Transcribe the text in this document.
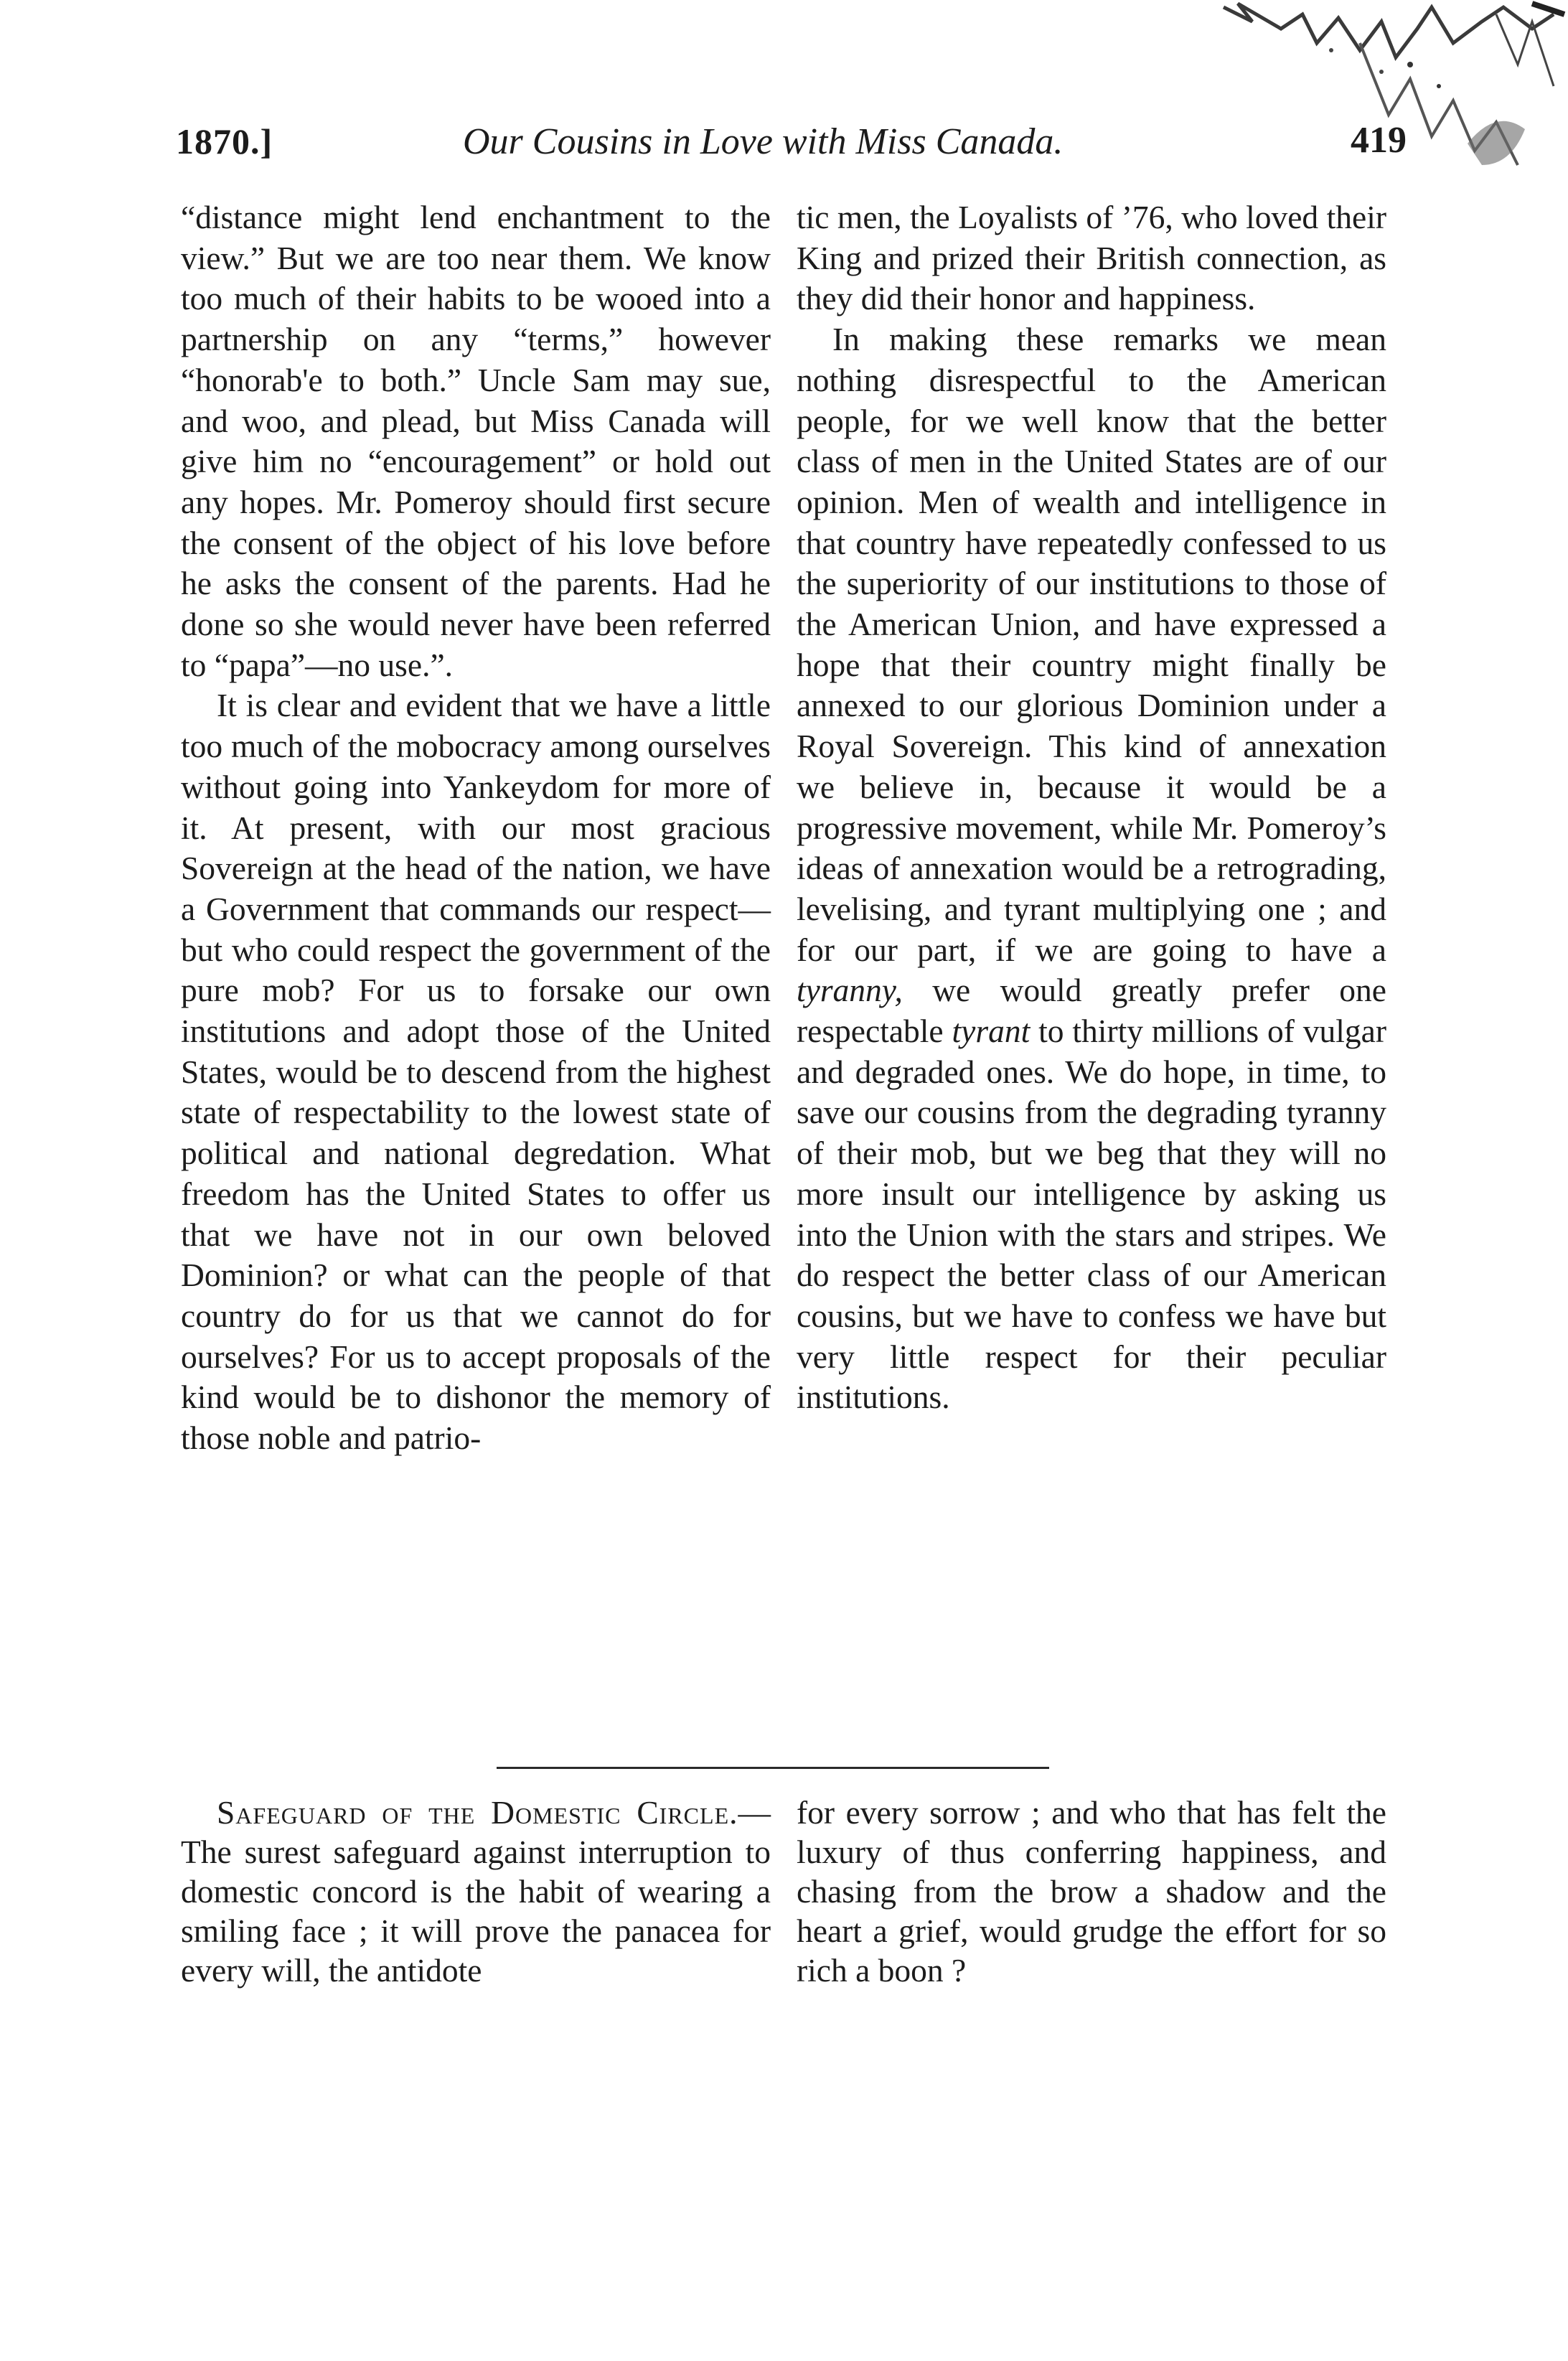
1870.]	Our Cousins in Love with Miss Canada.	419

“distance might lend enchantment to the view.” But we are too near them. We know too much of their habits to be wooed into a partnership on any “terms,” however “honorab'e to both.” Uncle Sam may sue, and woo, and plead, but Miss Canada will give him no “encouragement” or hold out any hopes. Mr. Pomeroy should first secure the consent of the object of his love before he asks the consent of the parents. Had he done so she would never have been referred to “papa”—no use.”.

It is clear and evident that we have a little too much of the mobocracy among ourselves without going into Yankeydom for more of it. At present, with our most gracious Sovereign at the head of the nation, we have a Government that commands our respect—but who could respect the government of the pure mob? For us to forsake our own institutions and adopt those of the United States, would be to descend from the highest state of respectability to the lowest state of political and national degredation. What freedom has the United States to offer us that we have not in our own beloved Dominion? or what can the people of that country do for us that we cannot do for ourselves? For us to accept proposals of the kind would be to dishonor the memory of those noble and patrio-

tic men, the Loyalists of ’76, who loved their King and prized their British connection, as they did their honor and happiness.

In making these remarks we mean nothing disrespectful to the American people, for we well know that the better class of men in the United States are of our opinion. Men of wealth and intelligence in that country have repeatedly confessed to us the superiority of our institutions to those of the American Union, and have expressed a hope that their country might finally be annexed to our glorious Dominion under a Royal Sovereign. This kind of annexation we believe in, because it would be a progressive movement, while Mr. Pomeroy’s ideas of annexation would be a retrograding, levelising, and tyrant multiplying one ; and for our part, if we are going to have a tyranny, we would greatly prefer one respectable tyrant to thirty millions of vulgar and degraded ones. We do hope, in time, to save our cousins from the degrading tyranny of their mob, but we beg that they will no more insult our intelligence by asking us into the Union with the stars and stripes. We do respect the better class of our American cousins, but we have to confess we have but very little respect for their peculiar institutions.

Safeguard of the Domestic Circle.— The surest safeguard against interruption to domestic concord is the habit of wearing a smiling face ; it will prove the panacea for every will, the antidote

for every sorrow ; and who that has felt the luxury of thus conferring happiness, and chasing from the brow a shadow and the heart a grief, would grudge the effort for so rich a boon ?
